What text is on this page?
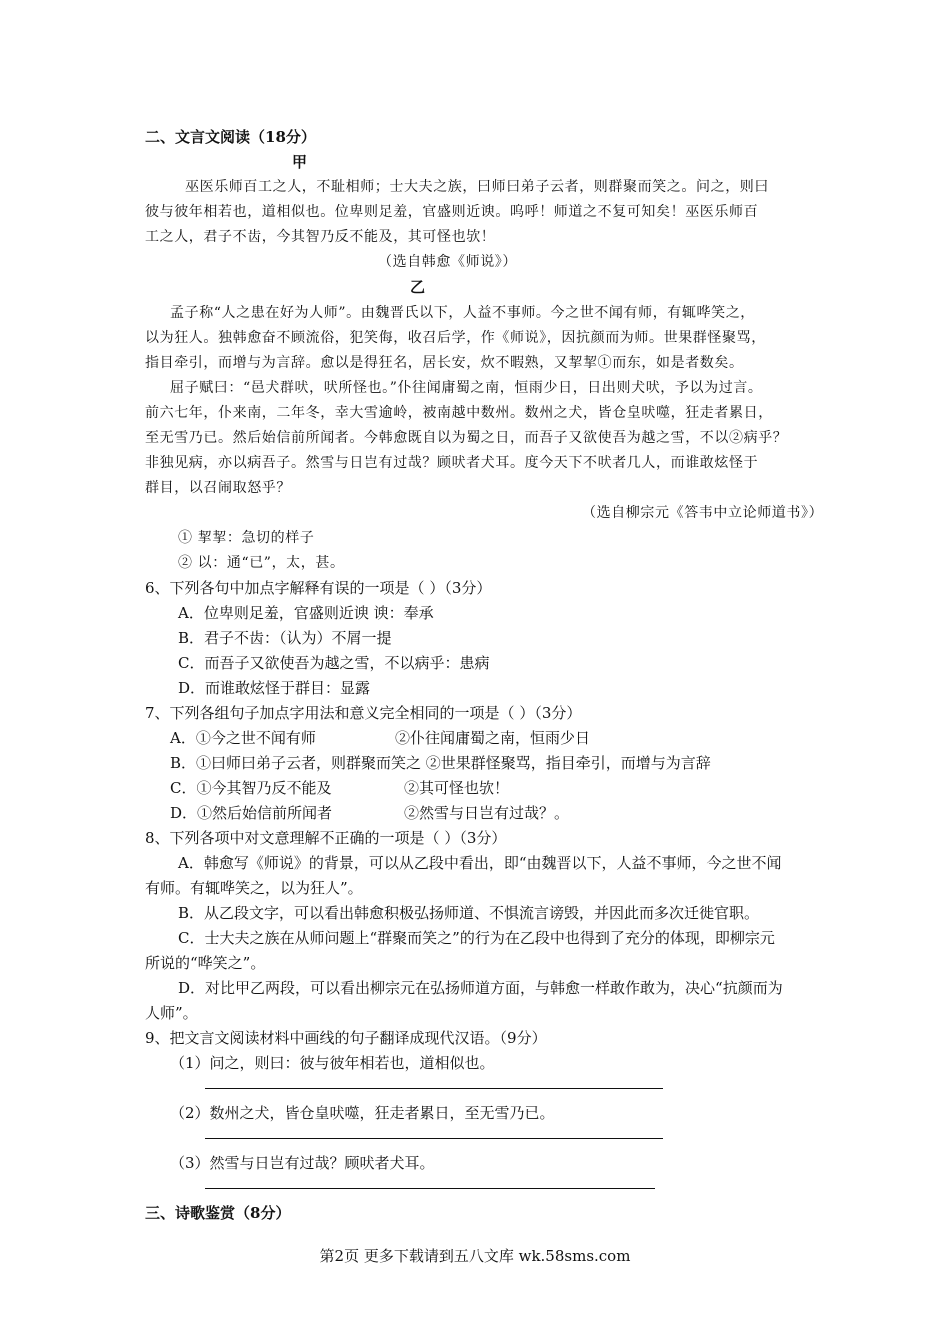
二、文言文阅读（18分）
甲
巫医乐师百工之人，不耻相师；士大夫之族，曰师曰弟子云者，则群聚而笑之。问之，则曰
彼与彼年相若也，道相似也。位卑则足羞，官盛则近谀。呜呼！师道之不复可知矣！巫医乐师百
工之人，君子不齿，今其智乃反不能及，其可怪也欤！
（选自韩愈《师说》）
乙
孟子称“人之患在好为人师”。由魏晋氏以下，人益不事师。今之世不闻有师，有辄哗笑之，
以为狂人。独韩愈奋不顾流俗，犯笑侮，收召后学，作《师说》，因抗颜而为师。世果群怪聚骂，
指目牵引，而增与为言辞。愈以是得狂名，居长安，炊不暇熟，又挈挈①而东，如是者数矣。
屈子赋曰：“邑犬群吠，吠所怪也。”仆往闻庸蜀之南，恒雨少日，日出则犬吠，予以为过言。
前六七年，仆来南，二年冬，幸大雪逾岭，被南越中数州。数州之犬，皆仓皇吠噬，狂走者累日，
至无雪乃已。然后始信前所闻者。今韩愈既自以为蜀之日，而吾子又欲使吾为越之雪，不以②病乎？
非独见病，亦以病吾子。然雪与日岂有过哉？顾吠者犬耳。度今天下不吠者几人，而谁敢炫怪于
群目，以召闹取怒乎？
（选自柳宗元《答韦中立论师道书》）
① 挈挈：急切的样子
② 以：通“已”，太，甚。
6、下列各句中加点字解释有误的一项是（ ）（3分）
A．位卑则足羞，官盛则近谀 谀：奉承
B．君子不齿：（认为）不屑一提
C．而吾子又欲使吾为越之雪，不以病乎：患病
D．而谁敢炫怪于群目：显露
7、下列各组句子加点字用法和意义完全相同的一项是（ ）（3分）
A．①今之世不闻有师	②仆往闻庸蜀之南，恒雨少日
B．①曰师曰弟子云者，则群聚而笑之 ②世果群怪聚骂，指目牵引，而增与为言辞
C．①今其智乃反不能及	②其可怪也欤！
D．①然后始信前所闻者	②然雪与日岂有过哉？。
8、下列各项中对文意理解不正确的一项是（ ）（3分）
A．韩愈写《师说》的背景，可以从乙段中看出，即“由魏晋以下，人益不事师，今之世不闻
有师。有辄哗笑之，以为狂人”。
B．从乙段文字，可以看出韩愈积极弘扬师道、不惧流言谤毁，并因此而多次迁徙官职。
C．士大夫之族在从师问题上“群聚而笑之”的行为在乙段中也得到了充分的体现，即柳宗元
所说的“哗笑之”。
D．对比甲乙两段，可以看出柳宗元在弘扬师道方面，与韩愈一样敢作敢为，决心“抗颜而为
人师”。
9、把文言文阅读材料中画线的句子翻译成现代汉语。（9分）
（1）问之，则曰：彼与彼年相若也，道相似也。
（2）数州之犬，皆仓皇吠噬，狂走者累日，至无雪乃已。
（3）然雪与日岂有过哉？顾吠者犬耳。
三、诗歌鉴赏（8分）
第2页 更多下载请到五八文库 wk.58sms.com
